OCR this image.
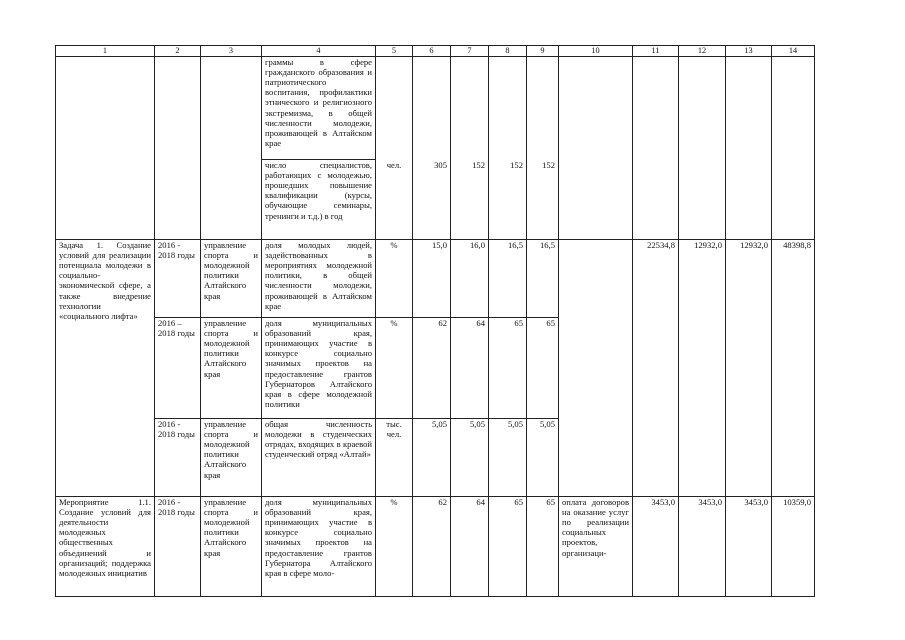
1	2	3	4	5	6	7	8	9	10	11	12	13	14
			граммы в сфере гражданского образования и патриотического воспитания, профилактики этнического и религиозного экстремизма, в общей численности молодежи, проживающей в Алтайском крае										
			число специалистов, работающих с молодежью, прошедших повышение квалификации (курсы, обучающие семинары, тренинги и т.д.) в год	чел.	305	152	152	152					
Задача 1. Создание условий для реализации потенциала молодежи в социально-экономической сфере, а также внедрение технологии «социального лифта»	2016 - 2018 годы	управление спорта и молодежной политики Алтайского края	доля молодых людей, задействованных в мероприятиях молодежной политики, в общей численности молодежи, проживающей в Алтайском крае	%	15,0	16,0	16,5	16,5		22534,8	12932,0	12932,0	48398,8
	2016 – 2018 годы	управление спорта и молодежной политики Алтайского края	доля муниципальных образований края, принимающих участие в конкурсе социально значимых проектов на предоставление грантов Губернаторов Алтайского края в сфере молодежной политики	%	62	64	65	65					
	2016 - 2018 годы	управление спорта и молодежной политики Алтайского края	общая численность молодежи в студенческих отрядах, входящих в краевой студенческий отряд «Алтай»	тыс. чел.	5,05	5,05	5,05	5,05					
Мероприятие 1.1. Создание условий для деятельности молодежных общественных объединений и организаций; поддержка молодежных инициатив	2016 - 2018 годы	управление спорта и молодежной политики Алтайского края	доля муниципальных образований края, принимающих участие в конкурсе социально значимых проектов на предоставление грантов Губернатора Алтайского края в сфере моло-	%	62	64	65	65	оплата договоров на оказание услуг по реализации социальных проектов, организаци-	3453,0	3453,0	3453,0	10359,0
